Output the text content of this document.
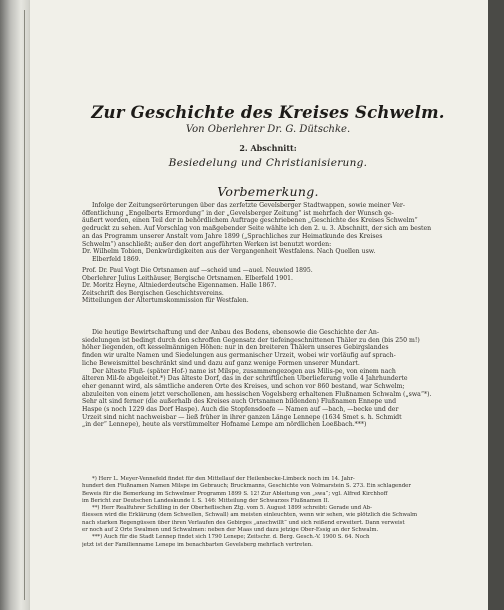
Zur Geschichte des Kreises Schwelm.
Von Oberlehrer Dr. G. Dütschke.
2. Abschnitt:
Besiedelung und Christianisierung.
Vorbemerkung.
Infolge der Zeitungserörterungen über das zerfetzte Gevelsberger Stadtwappen, sowie meiner Ver-
öffentlichung „Engelberts Ermordung“ in der „Gevelsberger Zeitung“ ist mehrfach der Wunsch ge-
äußert worden, einen Teil der in behördlichem Auftrage geschriebenen „Geschichte des Kreises Schwelm“
gedruckt zu sehen. Auf Vorschlag von maßgebender Seite wählte ich den 2. u. 3. Abschnitt, der sich am besten
an das Programm unserer Anstalt vom Jahre 1899 („Sprachliches zur Heimatkunde des Kreises
Schwelm“) anschließt; außer den dort angeführten Werken ist benutzt worden:
Dr. Wilhelm Tobien, Denkwürdigkeiten aus der Vergangenheit Westfalens. Nach Quellen usw.
Elberfeld 1869.
Prof. Dr. Paul Vogt Die Ortsnamen auf —scheid und —auel. Neuwied 1895.
Oberlehrer Julius Leithäuser, Bergische Ortsnamen. Elberfeld 1901.
Dr. Moritz Heyne, Altniederdeutsche Eigennamen. Halle 1867.
Zeitschrift des Bergischen Geschichtsvereins.
Mitteilungen der Altertumskommission für Westfalen.
Die heutige Bewirtschaftung und der Anbau des Bodens, ebensowie die Geschichte der An-
siedelungen ist bedingt durch den schroffen Gegensatz der tiefeingeschnittenen Thäler zu den (bis 250 m!)
höher liegenden, oft kesselmännigen Höhen: nur in den breiteren Thälern unseres Gebirgslandes
finden wir uralte Namen und Siedelungen aus germanischer Urzeit, wobei wir vorläufig auf sprach-
liche Beweismittel beschränkt sind und dazu auf ganz wenige Formen unserer Mundart.
Der älteste Fluß- (später Hof-) name ist Milspe, zusammengezogen aus Milis-pe, von einem nach
älteren Mil-fe abgeleitet.*) Das älteste Dorf, das in der schriftlichen Überlieferung volle 4 Jahrhunderte
eher genannt wird, als sämtliche anderen Orte des Kreises, und schon vor 860 bestand, war Schwelm;
abzuleiten von einem jetzt verschollenen, am hessischen Vogelsberg erhaltenen Flußnamen Schwalm („swa“*).
Sehr alt sind ferner (die außerhalb des Kreises auch Ortsnamen bildenden) Flußnamen Ennepe und
Haspe (s noch 1229 das Dorf Haspe). Auch die Stopfensdoefe — Namen auf —bach, —becke und der
Urzeit sind nicht nachweisbar — ließ früher in ihrer ganzen Länge Lennepe (1634 Smet s. h. Schmidt
„in der“ Lennepe), heute als verstümmelter Hofname Lempe am nördlichen Loeßbach.***)
*) Herr L. Meyer-Vennefeld findet für den Mittellauf der Heilenbecke-Limbeck noch im 14. Jahr-
hundert den Flußnamen Namen Milspe im Gebrauch; Bruckmanns, Geschichte von Volmarstein S. 273. Ein schlagender
Beweis für die Bemerkung im Schwelmer Programm 1899 S. 12! Zur Ableitung von „swa“; vgl. Alfred Kirchhoff
im Bericht zur Deutschen Landeskunde I. S. 146: Mitteilung der Schwarzes Flußnamen II.
**) Herr Realfuhrer Schilling in der Oberheflischen Ztg. vom 5. August 1899 schreibt: Gerade und Ab-
fliessen wird die Erklärung (dem Schwellen, Schwall) am meisten einleuchten, wenn wir sehen, wie plötzlich die Schwalm
nach starken Regengüssen über ihren Verlaufen des Gebirges „anschwillt“ und sich reißend erweitert. Dann verweist
er noch auf 2 Orte Swalmen und Schwalmen: neben der Maas und dazu jetzige Ober-Essig an der Schwalm.
***) Auch für die Stadt Lennep findet sich 1790 Lenepe; Zeitschr. d. Berg. Gesch.-V. 1900 S. 64. Noch
jetzt ist der Familienname Lenepe im benachbarten Gevelsberg mehrfach vertreten.
